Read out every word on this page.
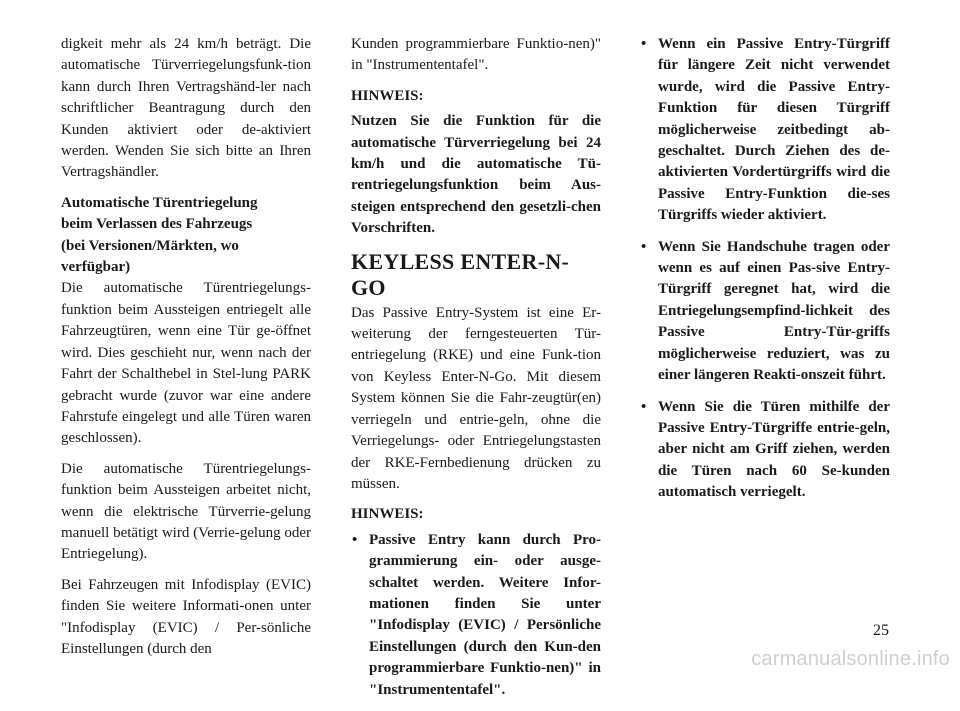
digkeit mehr als 24 km/h beträgt. Die automatische Türverriegelungsfunk-tion kann durch Ihren Vertragshänd-ler nach schriftlicher Beantragung durch den Kunden aktiviert oder de-aktiviert werden. Wenden Sie sich bitte an Ihren Vertragshändler.

Automatische Türentriegelung
beim Verlassen des Fahrzeugs
(bei Versionen/Märkten, wo
verfügbar)

Die automatische Türentriegelungs-funktion beim Aussteigen entriegelt alle Fahrzeugtüren, wenn eine Tür ge-öffnet wird. Dies geschieht nur, wenn nach der Fahrt der Schalthebel in Stel-lung PARK gebracht wurde (zuvor war eine andere Fahrstufe eingelegt und alle Türen waren geschlossen).

Die automatische Türentriegelungs-funktion beim Aussteigen arbeitet nicht, wenn die elektrische Türverrie-gelung manuell betätigt wird (Verrie-gelung oder Entriegelung).

Bei Fahrzeugen mit Infodisplay (EVIC) finden Sie weitere Informati-onen unter "Infodisplay (EVIC) / Per-sönliche Einstellungen (durch den

Kunden programmierbare Funktio-nen)" in "Instrumententafel".

HINWEIS:

Nutzen Sie die Funktion für die automatische Türverriegelung bei 24 km/h und die automatische Tü-rentriegelungsfunktion beim Aus-steigen entsprechend den gesetzli-chen Vorschriften.

KEYLESS ENTER-N-GO

Das Passive Entry-System ist eine Er-weiterung der ferngesteuerten Tür-entriegelung (RKE) und eine Funk-tion von Keyless Enter-N-Go. Mit diesem System können Sie die Fahr-zeugtür(en) verriegeln und entrie-geln, ohne die Verriegelungs- oder Entriegelungstasten der RKE-Fernbedienung drücken zu müssen.

HINWEIS:
• Passive Entry kann durch Pro-grammierung ein- oder ausge-schaltet werden. Weitere Infor-mationen finden Sie unter "Infodisplay (EVIC) / Persönliche Einstellungen (durch den Kun-den programmierbare Funktio-nen)" in "Instrumententafel".
• Wenn ein Passive Entry-Türgriff für längere Zeit nicht verwendet wurde, wird die Passive Entry-Funktion für diesen Türgriff möglicherweise zeitbedingt ab-geschaltet. Durch Ziehen des de-aktivierten Vordertürgriffs wird die Passive Entry-Funktion die-ses Türgriffs wieder aktiviert.
• Wenn Sie Handschuhe tragen oder wenn es auf einen Pas-sive Entry-Türgriff geregnet hat, wird die Entriegelungsempfind-lichkeit des Passive Entry-Tür-griffs möglicherweise reduziert, was zu einer längeren Reakti-onszeit führt.
• Wenn Sie die Türen mithilfe der Passive Entry-Türgriffe entrie-geln, aber nicht am Griff ziehen, werden die Türen nach 60 Se-kunden automatisch verriegelt.
25
carmanualsonline.info
